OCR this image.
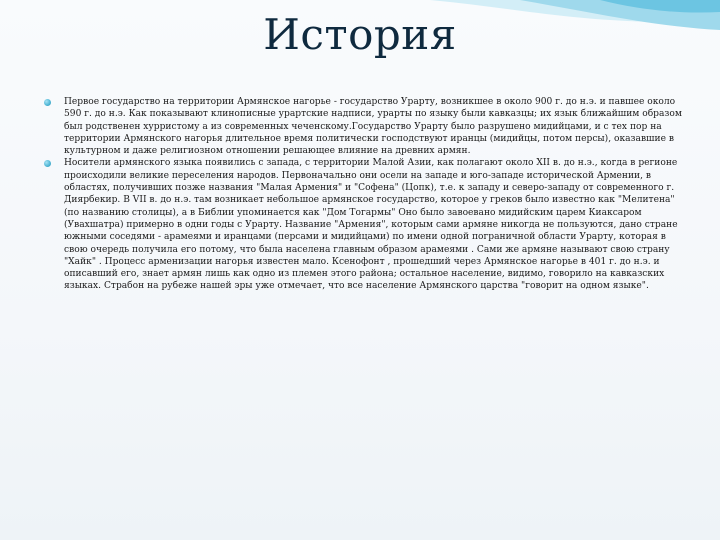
История
Первое государство на территории Армянское нагорье - государство Урарту, возникшее в около 900 г. до н.э. и павшее около 590 г. до н.э. Как показывают клинописные урартские надписи, урарты по языку были кавказцы; их язык ближайшим образом был родственен хурристому а из современных чеченскому.Государство Урарту было разрушено мидийцами, и с тех пор на территории Армянского нагорья длительное время политически господствуют иранцы (мидийцы, потом персы), оказавшие в культурном и даже религиозном отношении решающее влияние на древних армян.
Носители армянского языка появились с запада, с территории Малой Азии, как полагают около XII в. до н.э., когда в регионе происходили великие переселения народов. Первоначально они осели на западе и юго-западе исторической Армении, в областях, получивших позже названия "Малая Армения" и "Софена" (Цопк), т.е. к западу и северо-западу от современного г. Диярбекир. В VII в. до н.э. там возникает небольшое армянское государство, которое у греков было известно как "Мелитена" (по названию столицы), а в Библии упоминается как "Дом Тогармы" Оно было завоевано мидийским царем Киаксаром (Увахшатра) примерно в одни годы с Урарту. Название "Армения", которым сами армяне никогда не пользуются, дано стране южными соседями - арамеями и иранцами (персами и мидийцами) по имени одной пограничной области Урарту, которая в свою очередь получила его потому, что была населена главным образом арамеями . Сами же армяне называют свою страну "Хайк" . Процесс арменизации нагорья известен мало. Ксенофонт , прошедший через Армянское нагорье в 401 г. до н.э. и описавший его, знает армян лишь как одно из племен этого района; остальное население, видимо, говорило на кавказских языках. Страбон на рубеже нашей эры уже отмечает, что все население Армянского царства "говорит на одном языке".
